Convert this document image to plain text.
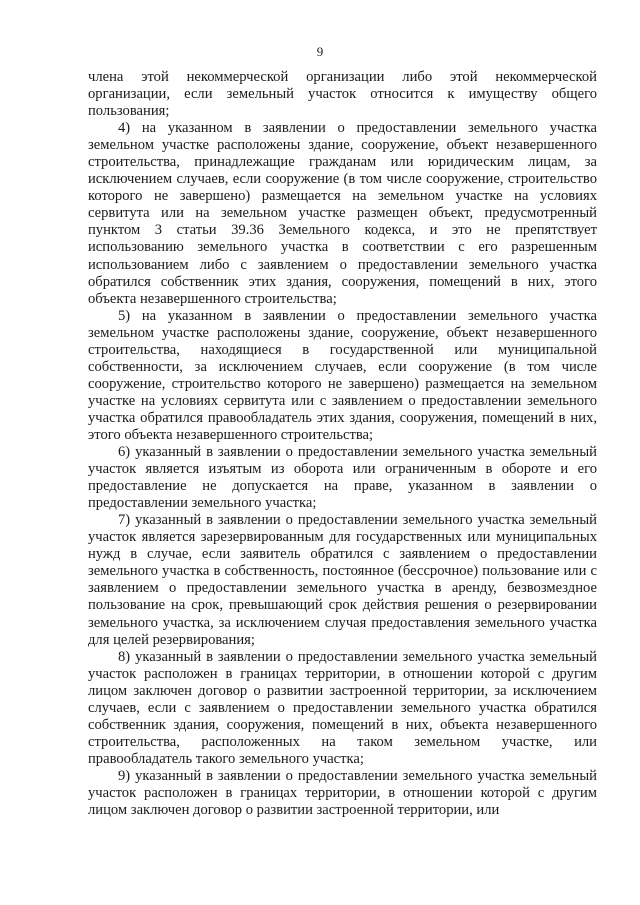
9

члена этой некоммерческой организации либо этой некоммерческой организации, если земельный участок относится к имуществу общего пользования;

4) на указанном в заявлении о предоставлении земельного участка земельном участке расположены здание, сооружение, объект незавершенного строительства, принадлежащие гражданам или юридическим лицам, за исключением случаев, если сооружение (в том числе сооружение, строительство которого не завершено) размещается на земельном участке на условиях сервитута или на земельном участке размещен объект, предусмотренный пунктом 3 статьи 39.36 Земельного кодекса, и это не препятствует использованию земельного участка в соответствии с его разрешенным использованием либо с заявлением о предоставлении земельного участка обратился собственник этих здания, сооружения, помещений в них, этого объекта незавершенного строительства;

5) на указанном в заявлении о предоставлении земельного участка земельном участке расположены здание, сооружение, объект незавершенного строительства, находящиеся в государственной или муниципальной собственности, за исключением случаев, если сооружение (в том числе сооружение, строительство которого не завершено) размещается на земельном участке на условиях сервитута или с заявлением о предоставлении земельного участка обратился правообладатель этих здания, сооружения, помещений в них, этого объекта незавершенного строительства;

6) указанный в заявлении о предоставлении земельного участка земельный участок является изъятым из оборота или ограниченным в обороте и его предоставление не допускается на праве, указанном в заявлении о предоставлении земельного участка;

7) указанный в заявлении о предоставлении земельного участка земельный участок является зарезервированным для государственных или муниципальных нужд в случае, если заявитель обратился с заявлением о предоставлении земельного участка в собственность, постоянное (бессрочное) пользование или с заявлением о предоставлении земельного участка в аренду, безвозмездное пользование на срок, превышающий срок действия решения о резервировании земельного участка, за исключением случая предоставления земельного участка для целей резервирования;

8) указанный в заявлении о предоставлении земельного участка земельный участок расположен в границах территории, в отношении которой с другим лицом заключен договор о развитии застроенной территории, за исключением случаев, если с заявлением о предоставлении земельного участка обратился собственник здания, сооружения, помещений в них, объекта незавершенного строительства, расположенных на таком земельном участке, или правообладатель такого земельного участка;

9) указанный в заявлении о предоставлении земельного участка земельный участок расположен в границах территории, в отношении которой с другим лицом заключен договор о развитии застроенной территории, или
